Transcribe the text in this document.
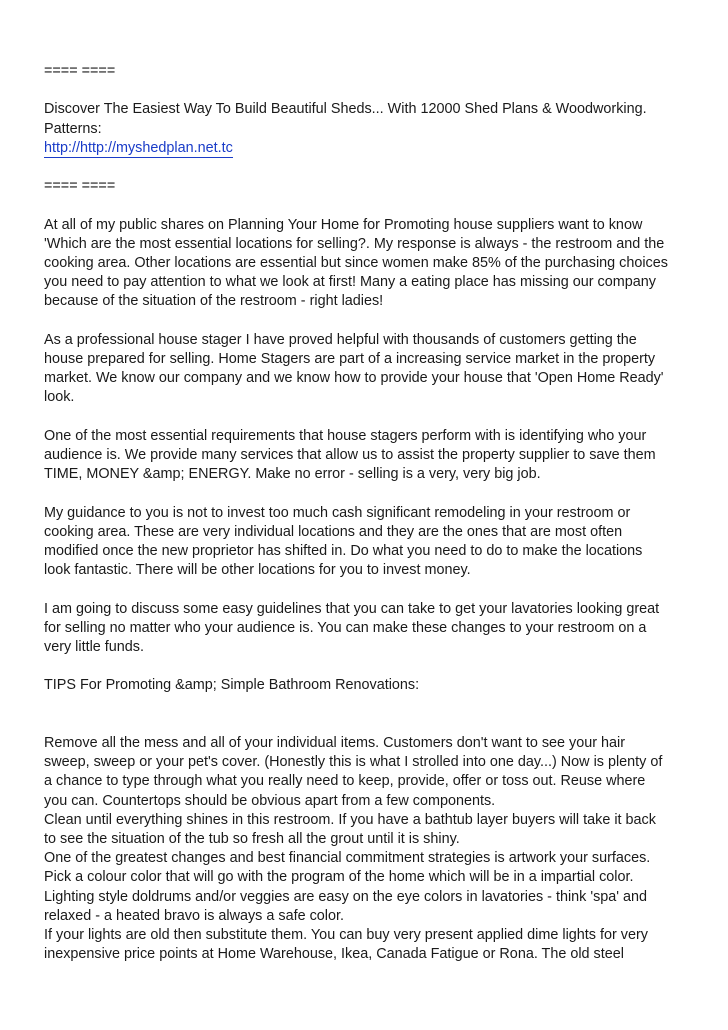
==== ====

Discover The Easiest Way To Build Beautiful Sheds... With 12000 Shed Plans & Woodworking.

Patterns:

http://http://myshedplan.net.tc

==== ====

At all of my public shares on Planning Your Home for Promoting house suppliers want to know

'Which are the most essential locations for selling?. My response is always - the restroom and the

cooking area. Other locations are essential but since women make 85% of the purchasing choices

you need to pay attention to what we look at first! Many a eating place has missing our company

because of the situation of the restroom - right ladies!

As a professional house stager I have proved helpful with thousands of customers getting the

house prepared for selling. Home Stagers are part of a increasing service market in the property

market. We know our company and we know how to provide your house that 'Open Home Ready'

look.

One of the most essential requirements that house stagers perform with is identifying who your

audience is. We provide many services that allow us to assist the property supplier to save them

TIME, MONEY &amp; ENERGY. Make no error - selling is a very, very big job.

My guidance to you is not to invest too much cash significant remodeling in your restroom or

cooking area. These are very individual locations and they are the ones that are most often

modified once the new proprietor has shifted in. Do what you need to do to make the locations

look fantastic. There will be other locations for you to invest money.

I am going to discuss some easy guidelines that you can take to get your lavatories looking great

for selling no matter who your audience is. You can make these changes to your restroom on a

very little funds.

TIPS For Promoting &amp; Simple Bathroom Renovations:

Remove all the mess and all of your individual items. Customers don't want to see your hair

sweep, sweep or your pet's cover. (Honestly this is what I strolled into one day...) Now is plenty of

a chance to type through what you really need to keep, provide, offer or toss out. Reuse where

you can. Countertops should be obvious apart from a few components.

Clean until everything shines in this restroom. If you have a bathtub layer buyers will take it back

to see the situation of the tub so fresh all the grout until it is shiny.

One of the greatest changes and best financial commitment strategies is artwork your surfaces.

Pick a colour color that will go with the program of the home which will be in a impartial color.

Lighting style doldrums and/or veggies are easy on the eye colors in lavatories - think 'spa' and

relaxed - a heated bravo is always a safe color.

If your lights are old then substitute them. You can buy very present applied dime lights for very

inexpensive price points at Home Warehouse, Ikea, Canada Fatigue or Rona. The old steel
